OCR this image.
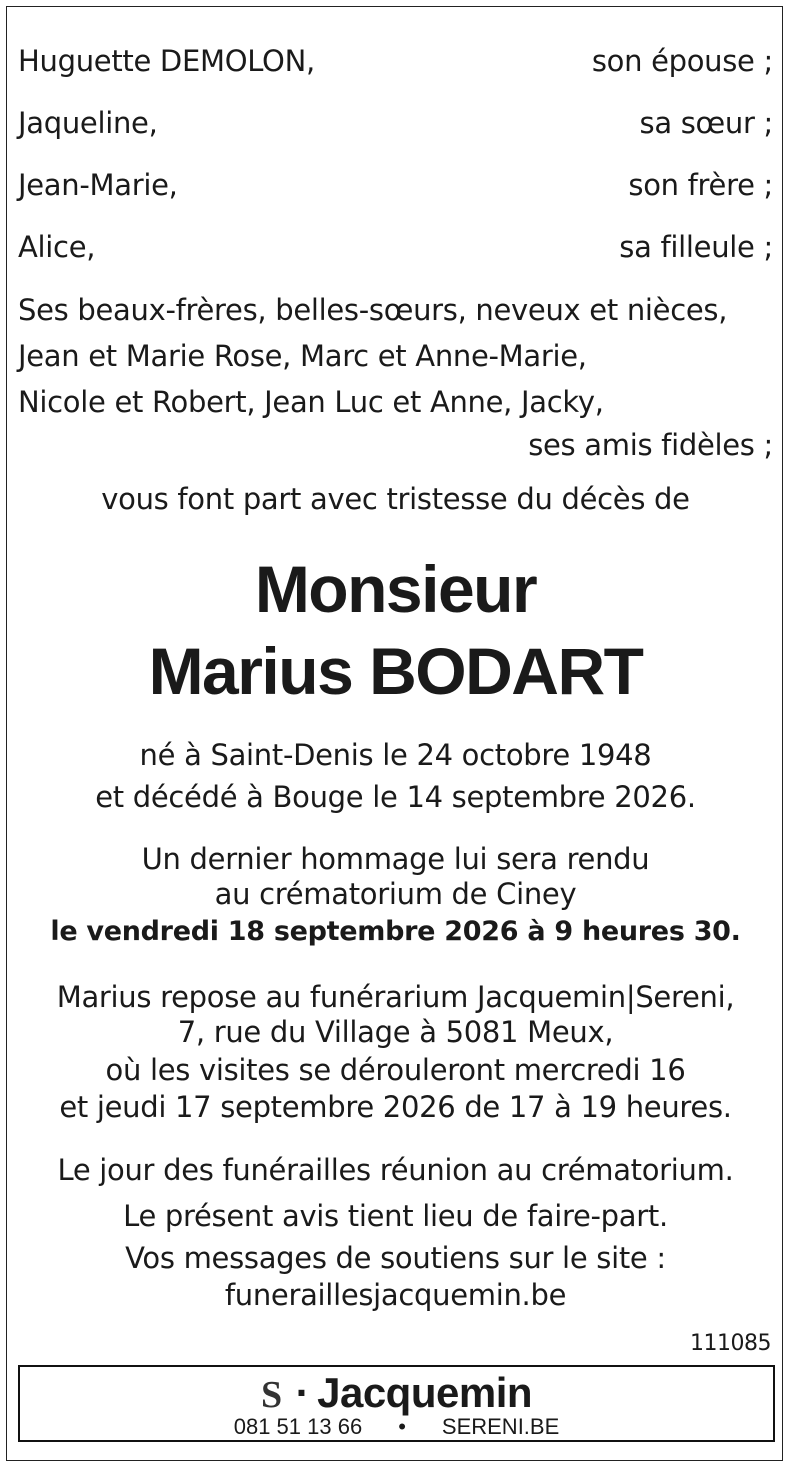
Huguette DEMOLON,	son épouse ;
Jaqueline,	sa sœur ;
Jean-Marie,	son frère ;
Alice,	sa filleule ;
Ses beaux-frères, belles-sœurs, neveux et nièces,
Jean et Marie Rose, Marc et Anne-Marie,
Nicole et Robert, Jean Luc et Anne, Jacky,
ses amis fidèles ;
vous font part avec tristesse du décès de
Monsieur
Marius BODART
né à Saint-Denis le 24 octobre 1948
et décédé à Bouge le 14 septembre 2026.
Un dernier hommage lui sera rendu
au crématorium de Ciney
le vendredi 18 septembre 2026 à 9 heures 30.
Marius repose au funérarium Jacquemin|Sereni,
7, rue du Village à 5081 Meux,
où les visites se dérouleront mercredi 16
et jeudi 17 septembre 2026 de 17 à 19 heures.
Le jour des funérailles réunion au crématorium.
Le présent avis tient lieu de faire-part.
Vos messages de soutiens sur le site :
funeraillesjacquemin.be
111085
S · Jacquemin
081 51 13 66 • SERENI.BE
